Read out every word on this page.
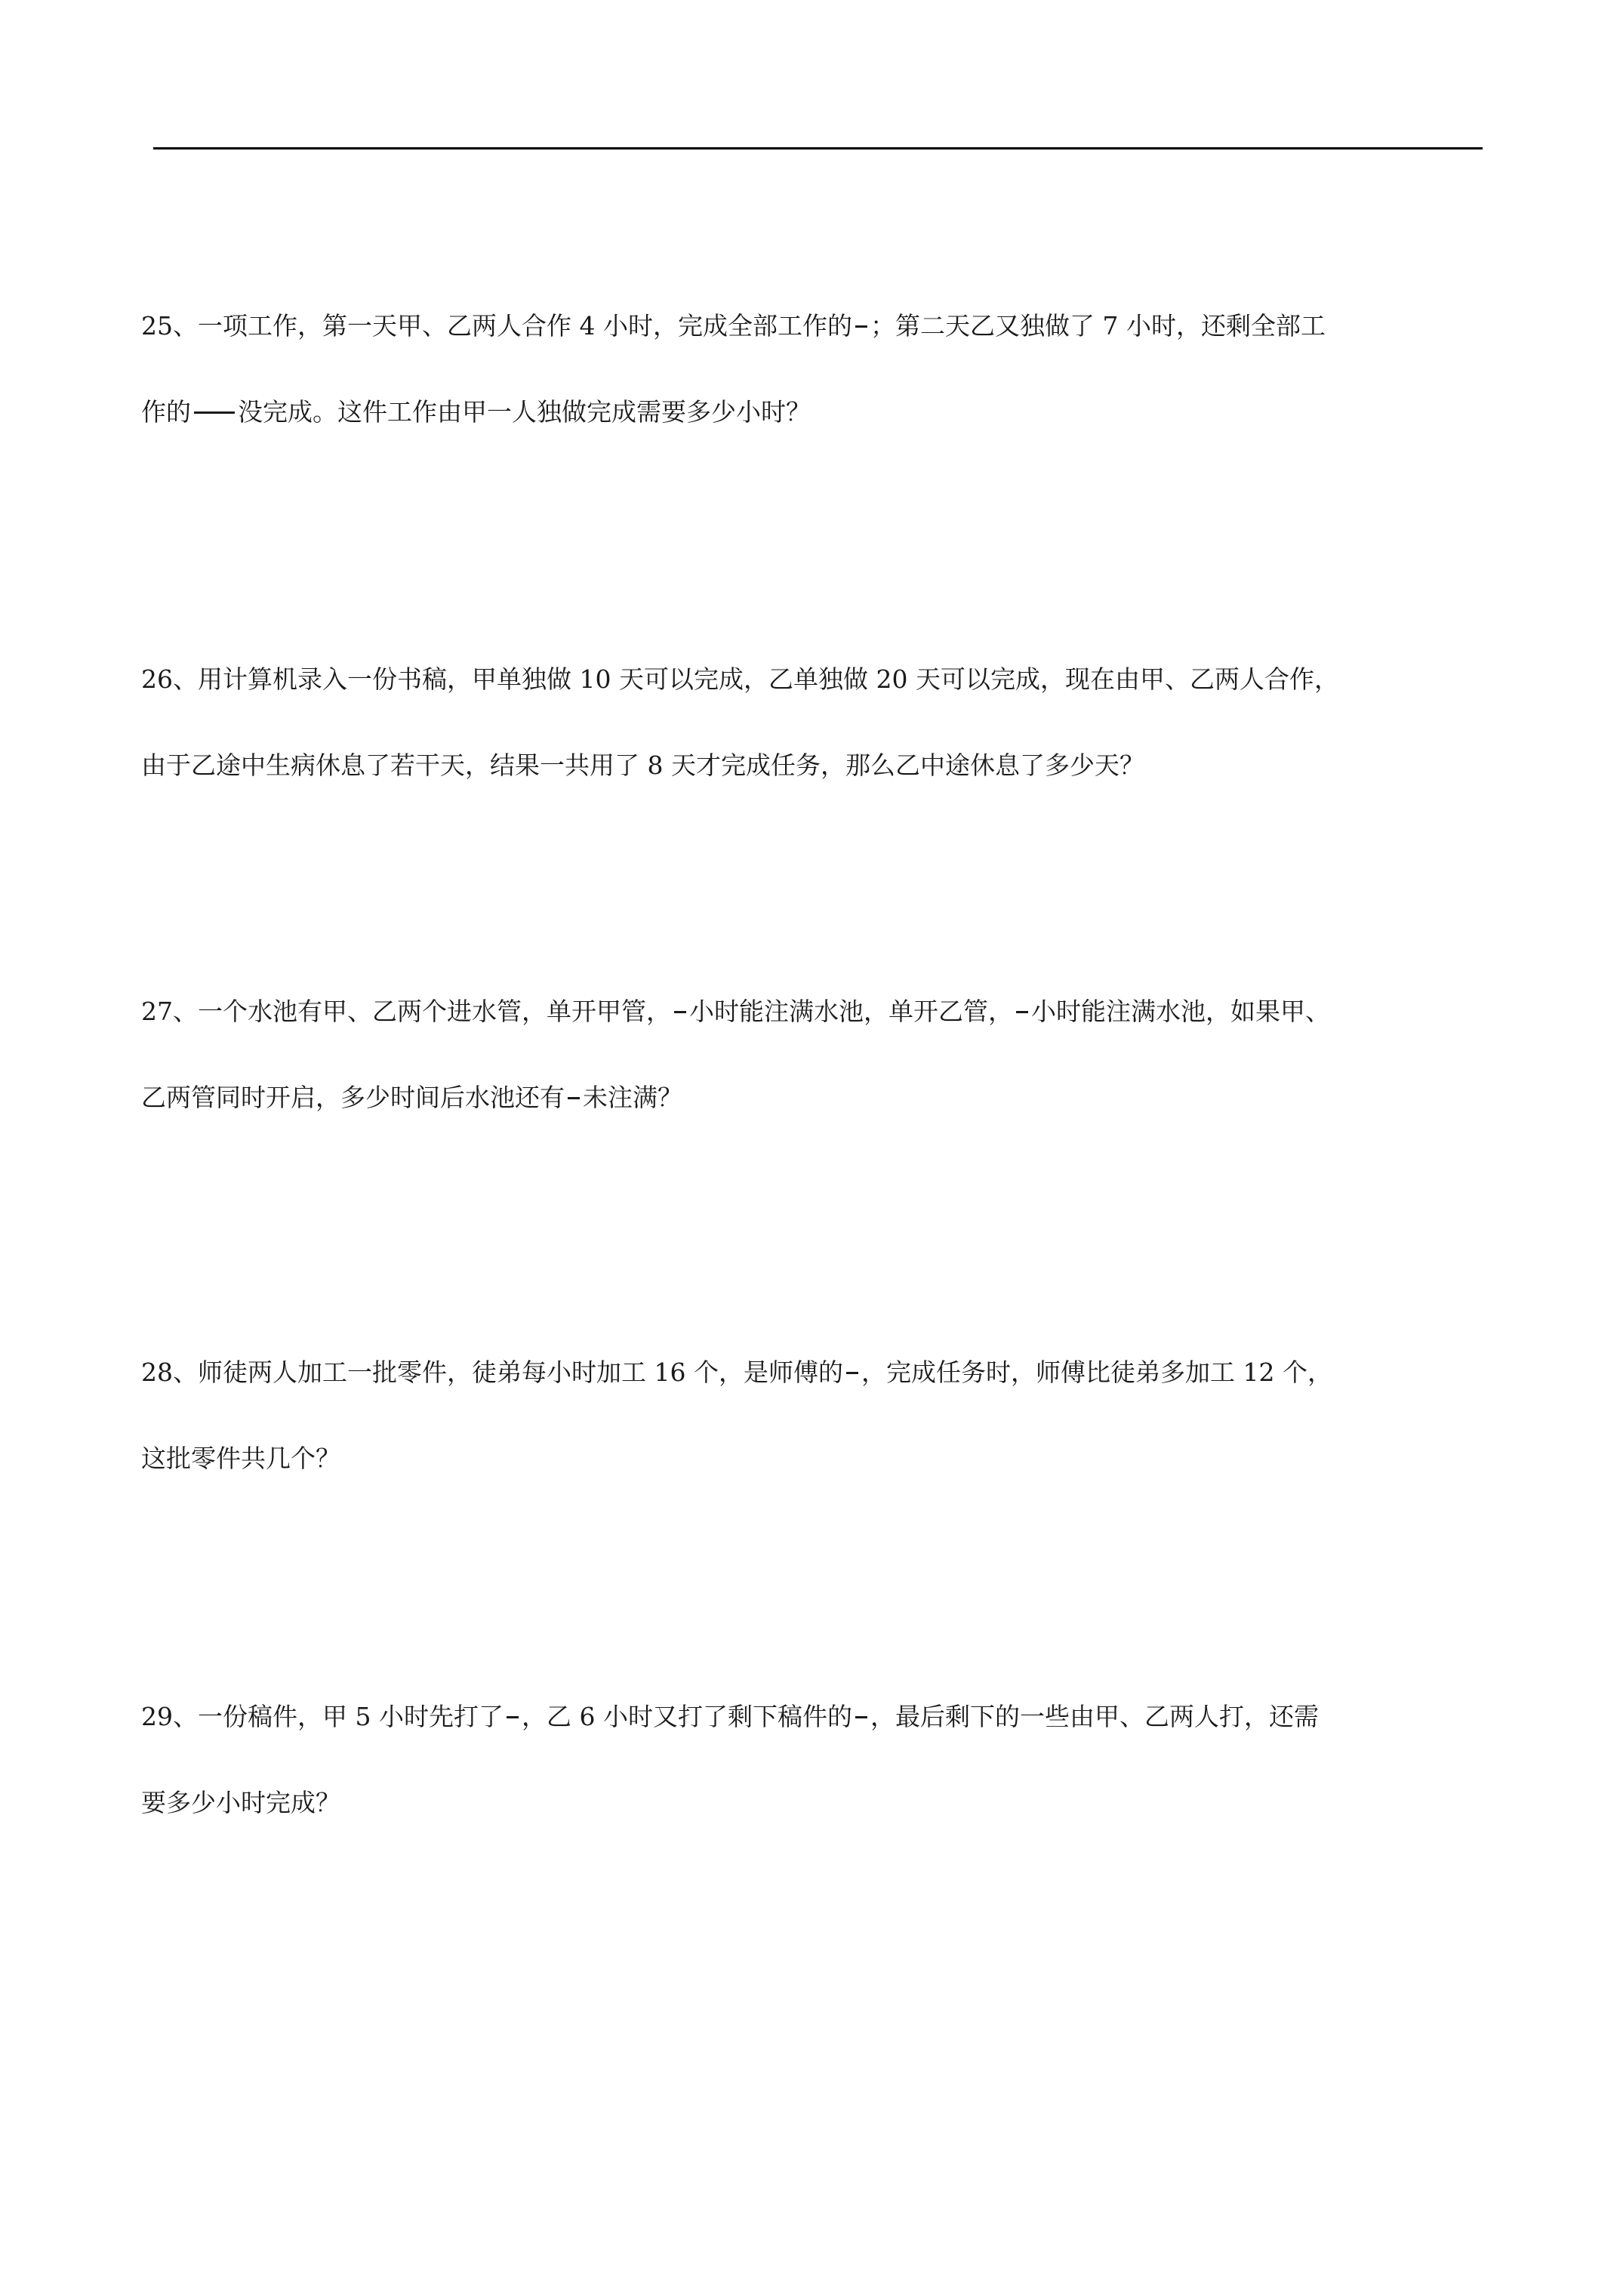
25、一项工作，第一天甲、乙两人合作 4 小时，完成全部工作的 ；第二天乙又独做了 7 小时，还剩全部工
作的 没完成。这件工作由甲一人独做完成需要多少小时？
26、用计算机录入一份书稿，甲单独做 10 天可以完成，乙单独做 20 天可以完成，现在由甲、乙两人合作，
由于乙途中生病休息了若干天，结果一共用了 8 天才完成任务，那么乙中途休息了多少天？
27、一个水池有甲、乙两个进水管，单开甲管， 小时能注满水池，单开乙管， 小时能注满水池，如果甲、
乙两管同时开启，多少时间后水池还有 未注满？
28、师徒两人加工一批零件，徒弟每小时加工 16 个，是师傅的 ，完成任务时，师傅比徒弟多加工 12 个，
这批零件共几个？
29、一份稿件，甲 5 小时先打了 ，乙 6 小时又打了剩下稿件的 ，最后剩下的一些由甲、乙两人打，还需
要多少小时完成？
